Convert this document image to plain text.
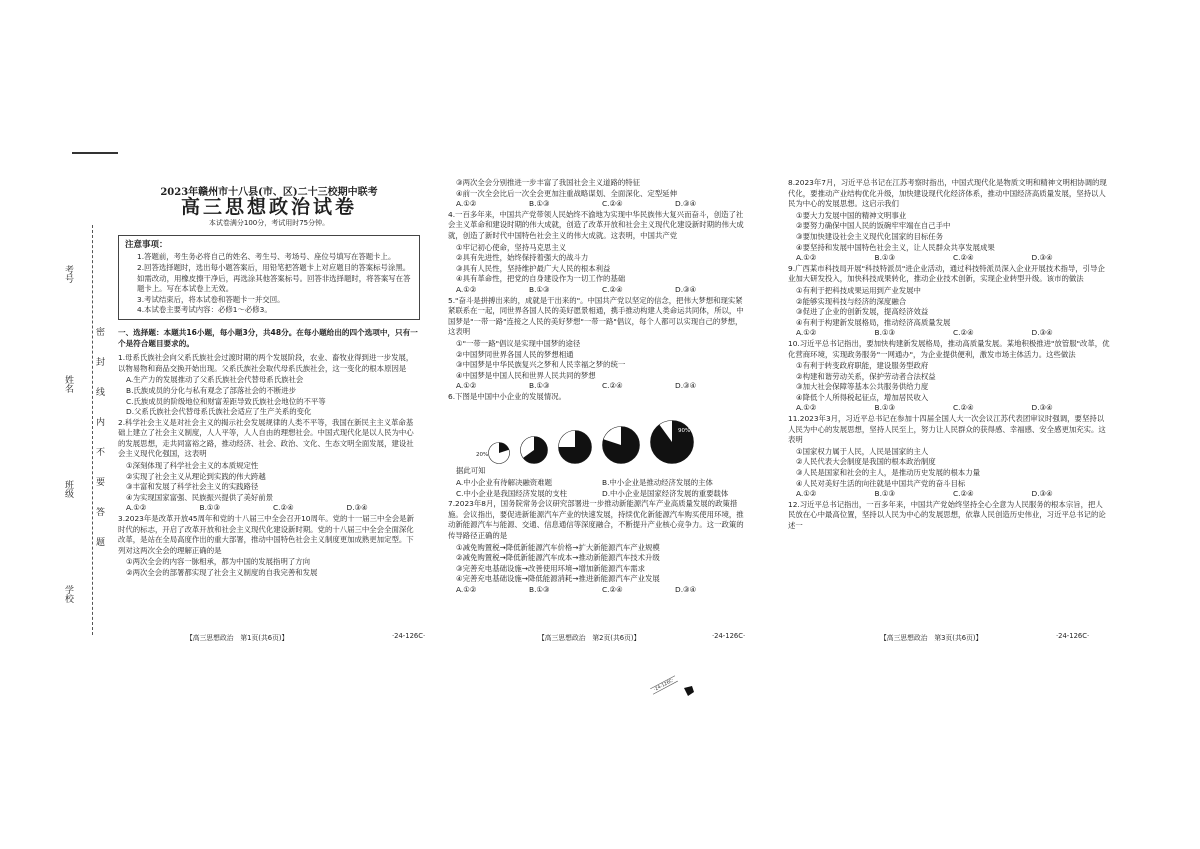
考号
姓名
班级
学校
密
封
线
内
不
要
答
题
2023年赣州市十八县(市、区)二十三校期中联考
高三思想政治试卷
本试卷满分100分，考试用时75分钟。
注意事项：
1.答题前，考生务必将自己的姓名、考生号、考场号、座位号填写在答题卡上。
2.回答选择题时，选出每小题答案后，用铅笔把答题卡上对应题目的答案标号涂黑。如需改动，用橡皮擦干净后，再选涂其他答案标号。回答非选择题时，将答案写在答题卡上。写在本试卷上无效。
3.考试结束后，将本试卷和答题卡一并交回。
4.本试卷主要考试内容：必修1～必修3。
一、选择题：本题共16小题，每小题3分，共48分。在每小题给出的四个选项中，只有一个是符合题目要求的。
1.母系氏族社会向父系氏族社会过渡时期的两个发展阶段，农业、畜牧业得到进一步发展，以物易物和商品交换开始出现。父系氏族社会取代母系氏族社会，这一变化的根本原因是
A.生产力的发展推动了父系氏族社会代替母系氏族社会
B.氏族成员的分化与私有观念了部落社会的不断进步
C.氏族成员的阶级地位和财富差距导致氏族社会地位的不平等
D.父系氏族社会代替母系氏族社会适应了生产关系的变化
2.科学社会主义是对社会主义的揭示社会发展规律的人类不平等，我国在新民主主义革命基础上建立了社会主义制度，人人平等，人人自由的理想社会。中国式现代化是以人民为中心的发展思想，走共同富裕之路，推动经济、社会、政治、文化、生态文明全面发展，建设社会主义现代化强国，这表明
①深刻体现了科学社会主义的本质规定性
②实现了社会主义从理论到实践的伟大跨越
③丰富和发展了科学社会主义的实践路径
④为实现国家富强、民族振兴提供了美好前景
A.①②	B.①③	C.②④	D.③④
3.2023年是改革开放45周年和党的十八届三中全会召开10周年。党的十一届三中全会是新时代的标志，开启了改革开放和社会主义现代化建设新时期。党的十八届三中全会全面深化改革，是站在全局高度作出的重大部署，推动中国特色社会主义制度更加成熟更加定型。下列对这两次全会的理解正确的是
①两次全会的内容一脉相承，都为中国的发展指明了方向
②两次全会的部署都实现了社会主义制度的自我完善和发展
【高三思想政治　第1页(共6页)】	·24-126C·
③两次全会分别推进一步丰富了我国社会主义道路的特征
④前一次全会比后一次全会更加注重战略谋划、全面深化、定型延伸
A.①②	B.①③	C.②④	D.③④
4.一百多年来，中国共产党带领人民始终不渝地为实现中华民族伟大复兴而奋斗，创造了社会主义革命和建设时期的伟大成就，创造了改革开放和社会主义现代化建设新时期的伟大成就，创造了新时代中国特色社会主义的伟大成就。这表明，中国共产党
①牢记初心使命，坚持马克思主义
②具有先进性，始终保持着强大的战斗力
③具有人民性，坚持维护最广大人民的根本利益
④具有革命性，把党的自身建设作为一切工作的基础
A.①②	B.①③	C.②④	D.③④
5."奋斗是拼搏出来的，成就是干出来的"。中国共产党以坚定的信念，把伟大梦想和现实紧紧联系在一起，同世界各国人民的美好愿景相通，携手推动构建人类命运共同体，所以，中国梦是"一带一路"连接之人民的美好梦想"一带一路"倡议，每个人都可以实现自己的梦想，这表明
①"一带一路"倡议是实现中国梦的途径
②中国梦同世界各国人民的梦想相通
③中国梦是中华民族复兴之梦和人民幸福之梦的统一
④中国梦是中国人民和世界人民共同的梦想
A.①②	B.①③	C.②④	D.③④
6.下图是中国中小企业的发展情况。
20%
90%
据此可知
A.中小企业有待解决融资难题	B.中小企业是推动经济发展的主体
C.中小企业是我国经济发展的支柱	D.中小企业是国家经济发展的重要载体
7.2023年8月，国务院常务会议研究部署进一步推动新能源汽车产业高质量发展的政策措施。会议指出，要促进新能源汽车产业的快速发展，持续优化新能源汽车购买使用环境，推动新能源汽车与能源、交通、信息通信等深度融合，不断提升产业核心竞争力。这一政策的传导路径正确的是
①减免购置税→降低新能源汽车价格→扩大新能源汽车产业规模
②减免购置税→降低新能源汽车成本→推动新能源汽车技术升级
③完善充电基础设施→改善使用环境→增加新能源汽车需求
④完善充电基础设施→降低能源消耗→推进新能源汽车产业发展
A.①②	B.①③	C.②④	D.③④
【高三思想政治　第2页(共6页)】	·24-126C·
8.2023年7月，习近平总书记在江苏考察时指出，中国式现代化是物质文明和精神文明相协调的现代化，要推动产业结构优化升级，加快建设现代化经济体系，推动中国经济高质量发展，坚持以人民为中心的发展思想。这启示我们
①要大力发展中国的精神文明事业
②要努力确保中国人民的饭碗牢牢端在自己手中
③要加快建设社会主义现代化国家的目标任务
④要坚持和发展中国特色社会主义，让人民群众共享发展成果
A.①②	B.①③	C.②④	D.③④
9.广西某市科技局开展"科技特派员"进企业活动，通过科技特派员深入企业开展技术指导，引导企业加大研发投入，加快科技成果转化，推动企业技术创新，实现企业转型升级。该市的做法
①有利于把科技成果运用到产业发展中
②能够实现科技与经济的深度融合
③促进了企业的创新发展，提高经济效益
④有利于构建新发展格局，推动经济高质量发展
A.①②	B.①③	C.②④	D.③④
10.习近平总书记指出，要加快构建新发展格局，推动高质量发展。某地积极推进"放管服"改革，优化营商环境，实现政务服务"一网通办"，为企业提供便利，激发市场主体活力。这些做法
①有利于转变政府职能，建设服务型政府
②构建和谐劳动关系，保护劳动者合法权益
③加大社会保障等基本公共服务供给力度
④降低个人所得税起征点，增加居民收入
A.①②	B.①③	C.②④	D.③④
11.2023年3月，习近平总书记在参加十四届全国人大一次会议江苏代表团审议时强调，要坚持以人民为中心的发展思想，坚持人民至上，努力让人民群众的获得感、幸福感、安全感更加充实。这表明
①国家权力属于人民，人民是国家的主人
②人民代表大会制度是我国的根本政治制度
③人民是国家和社会的主人，是推动历史发展的根本力量
④人民对美好生活的向往就是中国共产党的奋斗目标
A.①②	B.①③	C.②④	D.③④
12.习近平总书记指出，一百多年来，中国共产党始终坚持全心全意为人民服务的根本宗旨，把人民放在心中最高位置，坚持以人民为中心的发展思想，依靠人民创造历史伟业，习近平总书记的论述一
【高三思想政治　第3页(共6页)】	·24-126C·
·24-126C·
